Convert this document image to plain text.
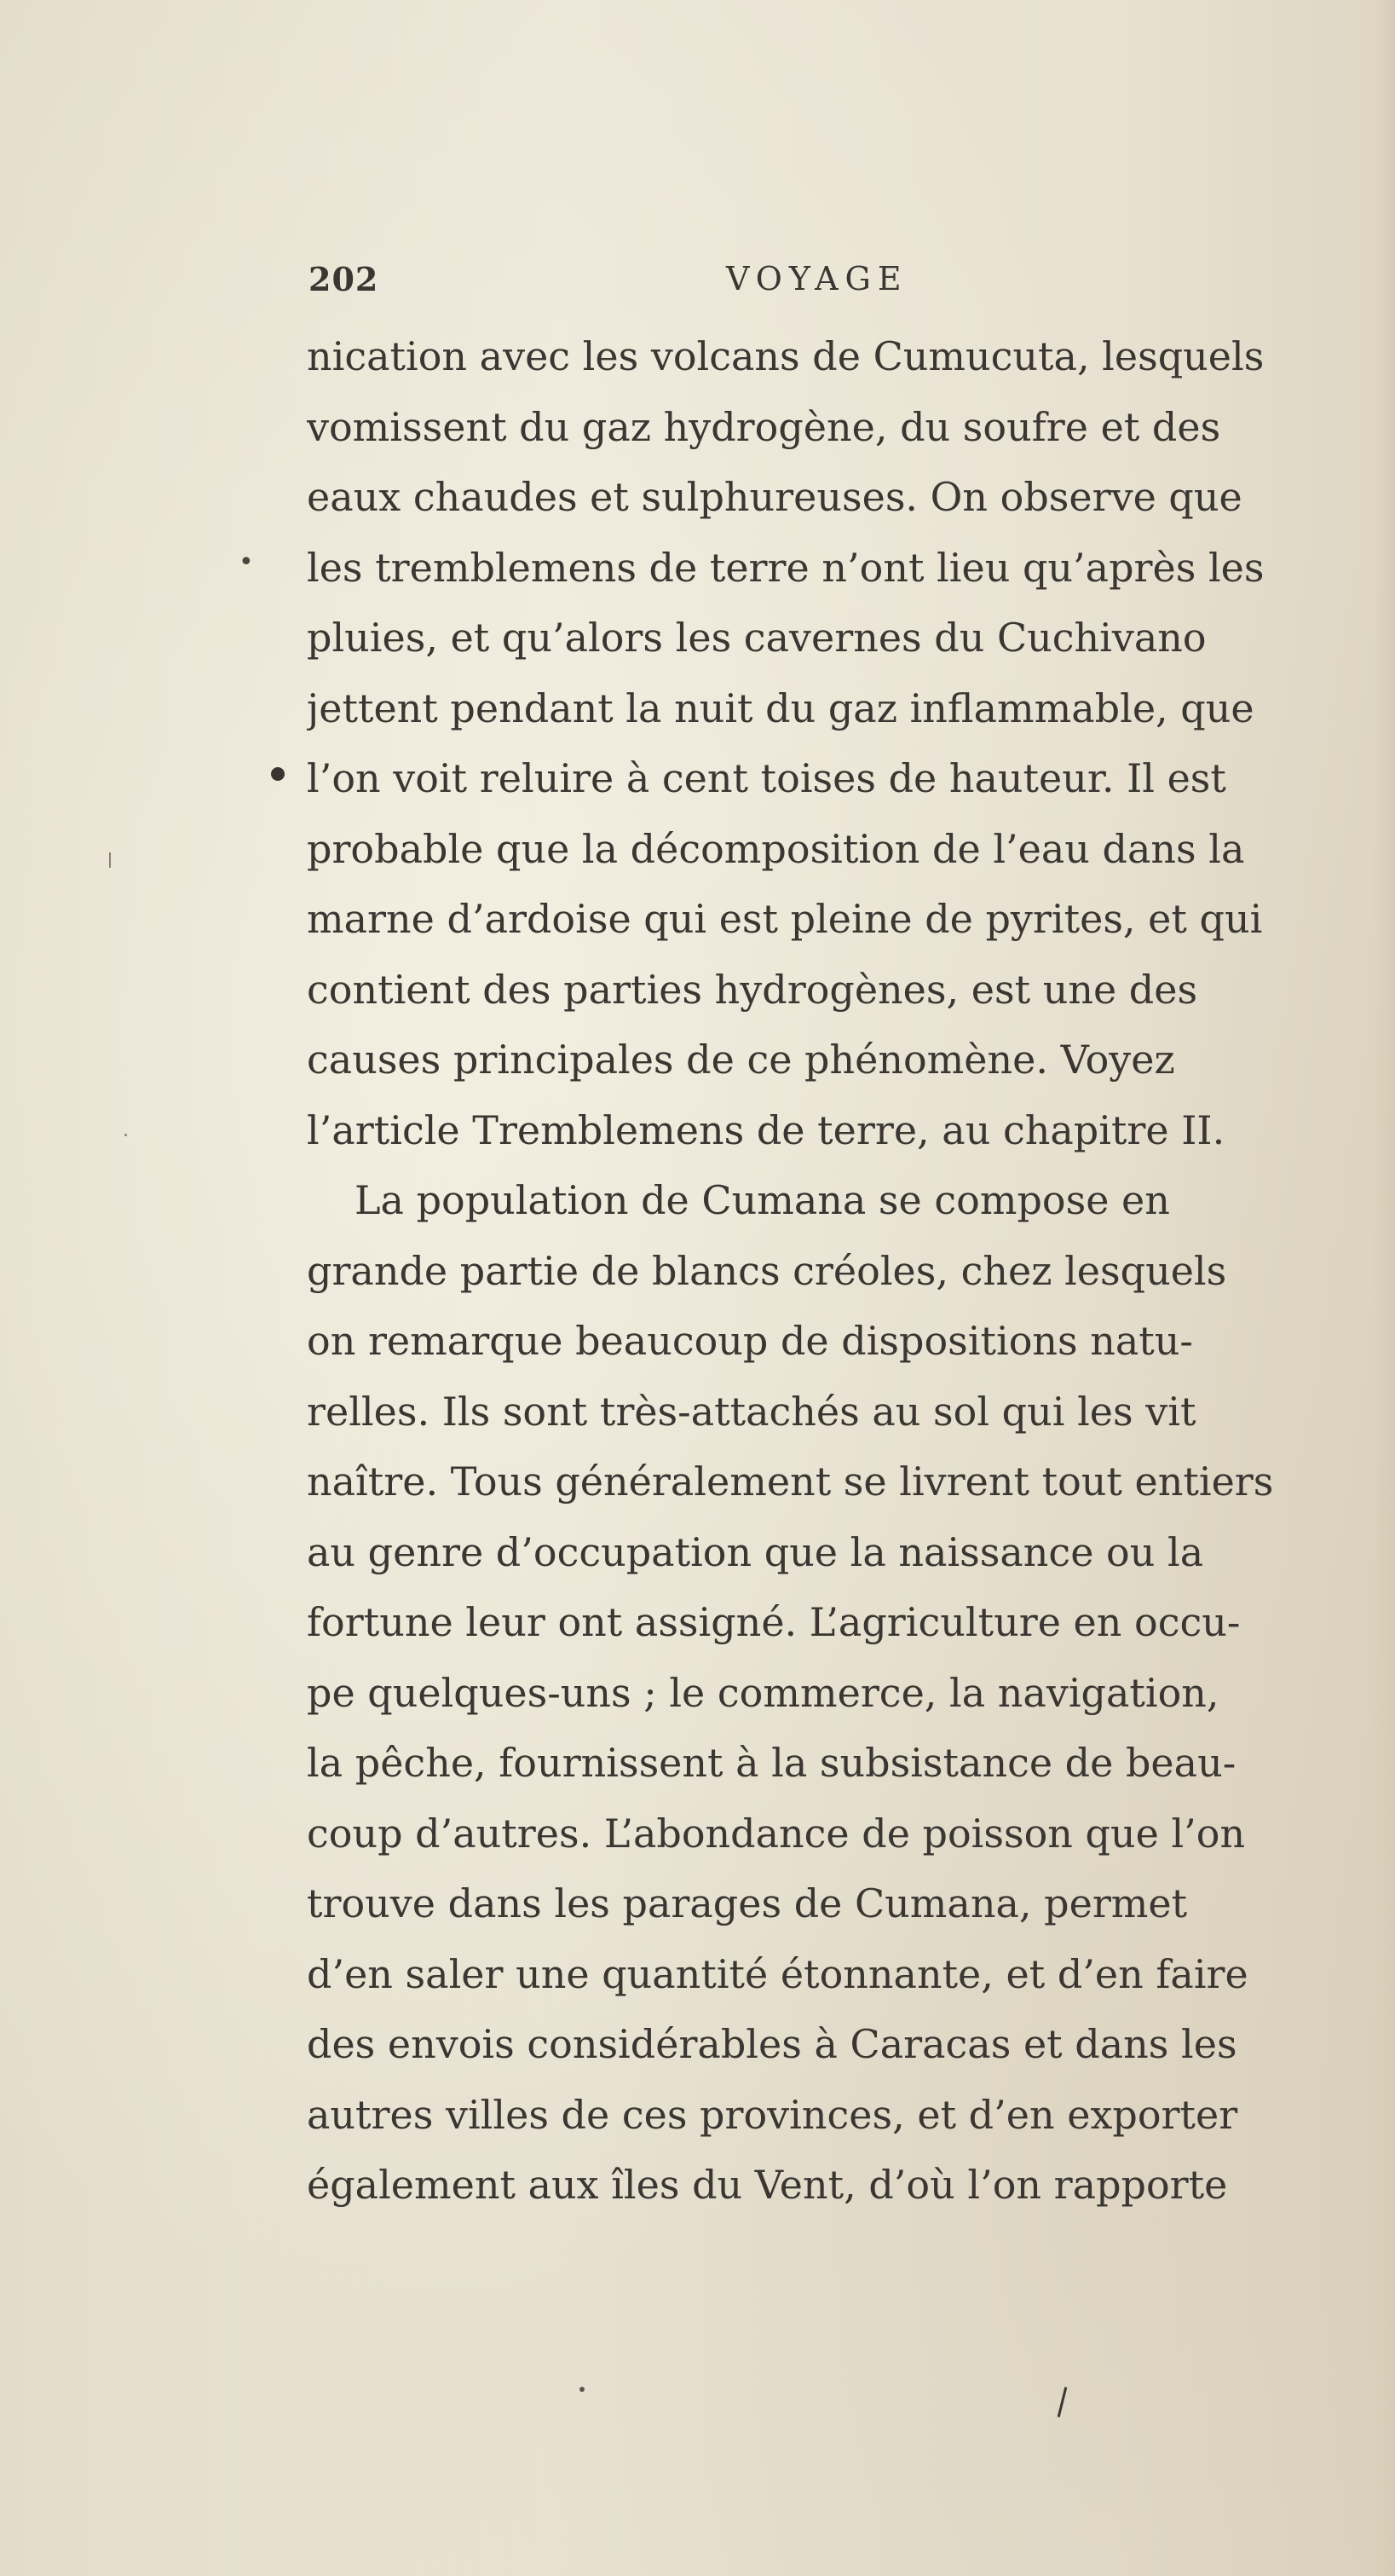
202	VOYAGE
nication avec les volcans de Cumucuta, lesquels
vomissent du gaz hydrogène, du soufre et des
eaux chaudes et sulphureuses. On observe que
les tremblemens de terre n’ont lieu qu’après les
pluies, et qu’alors les cavernes du Cuchivano
jettent pendant la nuit du gaz inflammable, que
l’on voit reluire à cent toises de hauteur. Il est
probable que la décomposition de l’eau dans la
marne d’ardoise qui est pleine de pyrites, et qui
contient des parties hydrogènes, est une des
causes principales de ce phénomène. Voyez
l’article Tremblemens de terre, au chapitre II.
La population de Cumana se compose en
grande partie de blancs créoles, chez lesquels
on remarque beaucoup de dispositions natu-
relles. Ils sont très-attachés au sol qui les vit
naître. Tous généralement se livrent tout entiers
au genre d’occupation que la naissance ou la
fortune leur ont assigné. L’agriculture en occu-
pe quelques-uns ; le commerce, la navigation,
la pêche, fournissent à la subsistance de beau-
coup d’autres. L’abondance de poisson que l’on
trouve dans les parages de Cumana, permet
d’en saler une quantité étonnante, et d’en faire
des envois considérables à Caracas et dans les
autres villes de ces provinces, et d’en exporter
également aux îles du Vent, d’où l’on rapporte
•
